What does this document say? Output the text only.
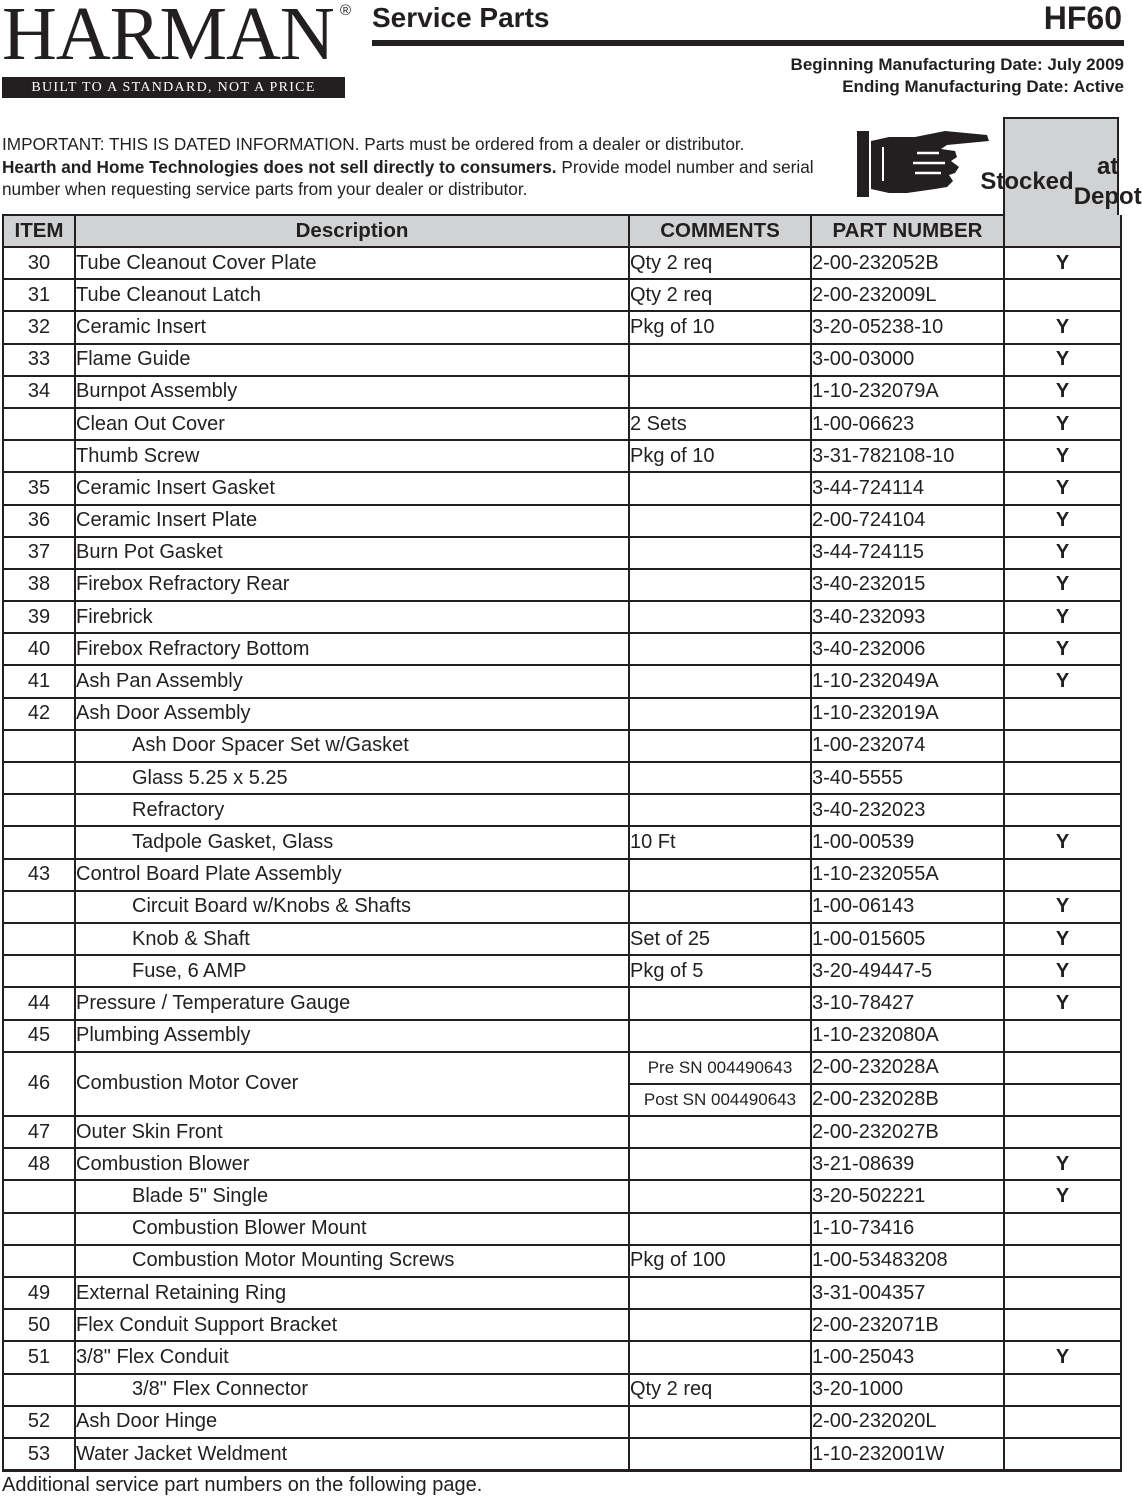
HARMAN ®
BUILT TO A STANDARD, NOT A PRICE
Service Parts	HF60
Beginning Manufacturing Date: July 2009
Ending Manufacturing Date: Active
IMPORTANT: THIS IS DATED INFORMATION. Parts must be ordered from a dealer or distributor.
Hearth and Home Technologies does not sell directly to consumers. Provide model number and serial number when requesting service parts from your dealer or distributor.	Stocked

at Depot
ITEM	Description	COMMENTS	PART NUMBER	
30	Tube Cleanout Cover Plate	Qty 2 req	2-00-232052B	Y
31	Tube Cleanout Latch	Qty 2 req	2-00-232009L	
32	Ceramic Insert	Pkg of 10	3-20-05238-10	Y
33	Flame Guide		3-00-03000	Y
34	Burnpot Assembly		1-10-232079A	Y
	Clean Out Cover	2 Sets	1-00-06623	Y
	Thumb Screw	Pkg of 10	3-31-782108-10	Y
35	Ceramic Insert Gasket		3-44-724114	Y
36	Ceramic Insert Plate		2-00-724104	Y
37	Burn Pot Gasket		3-44-724115	Y
38	Firebox Refractory Rear		3-40-232015	Y
39	Firebrick		3-40-232093	Y
40	Firebox Refractory Bottom		3-40-232006	Y
41	Ash Pan Assembly		1-10-232049A	Y
42	Ash Door Assembly		1-10-232019A	
	Ash Door Spacer Set w/Gasket		1-00-232074	
	Glass 5.25 x 5.25		3-40-5555	
	Refractory		3-40-232023	
	Tadpole Gasket, Glass	10 Ft	1-00-00539	Y
43	Control Board Plate Assembly		1-10-232055A	
	Circuit Board w/Knobs & Shafts		1-00-06143	Y
	Knob & Shaft	Set of 25	1-00-015605	Y
	Fuse, 6 AMP	Pkg of 5	3-20-49447-5	Y
44	Pressure / Temperature Gauge		3-10-78427	Y
45	Plumbing Assembly		1-10-232080A	
46	Combustion Motor Cover	Pre SN 004490643	2-00-232028A	
		Post SN 004490643	2-00-232028B	
47	Outer Skin Front		2-00-232027B	
48	Combustion Blower		3-21-08639	Y
	Blade 5" Single		3-20-502221	Y
	Combustion Blower Mount		1-10-73416	
	Combustion Motor Mounting Screws	Pkg of 100	1-00-53483208	
49	External Retaining Ring		3-31-004357	
50	Flex Conduit Support Bracket		2-00-232071B	
51	3/8" Flex Conduit		1-00-25043	Y
	3/8" Flex Connector	Qty 2 req	3-20-1000	
52	Ash Door Hinge		2-00-232020L	
53	Water Jacket Weldment		1-10-232001W	
Additional service part numbers on the following page.
